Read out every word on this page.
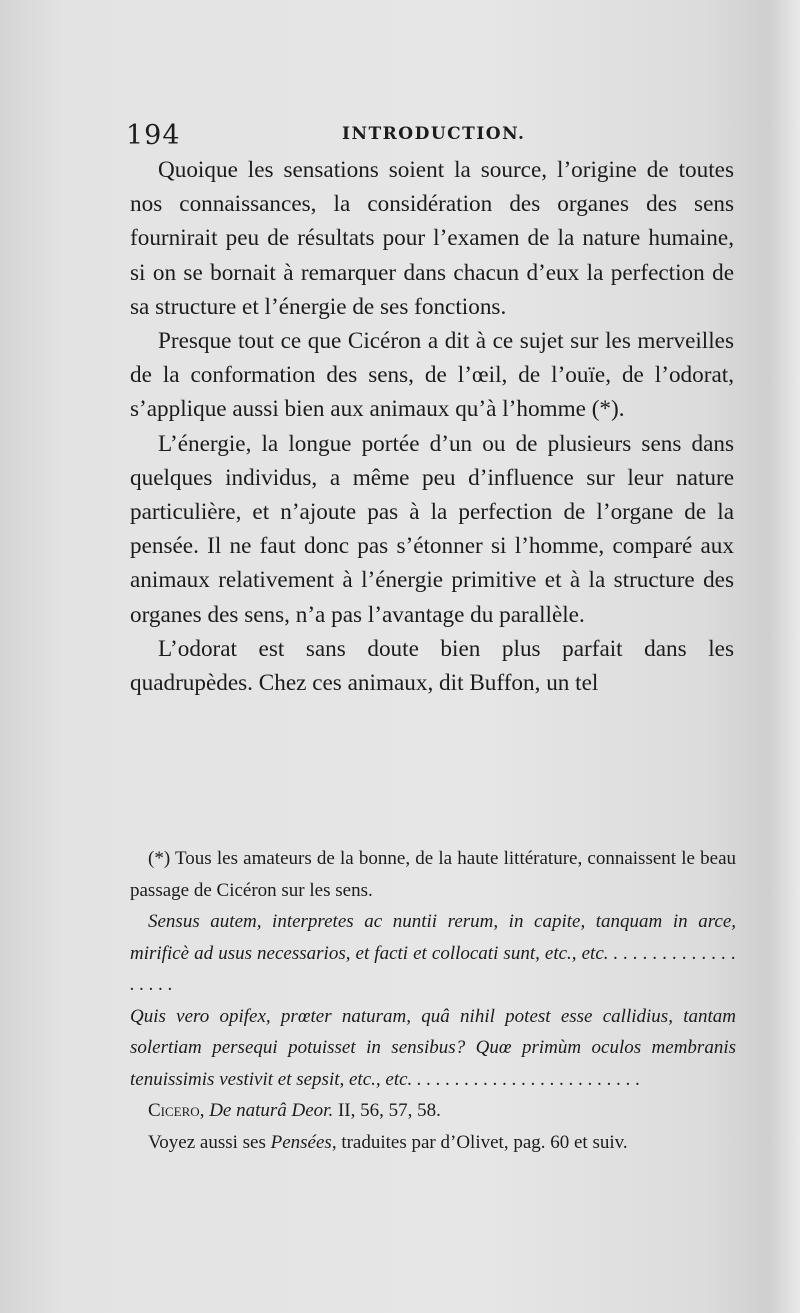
194	INTRODUCTION.

Quoique les sensations soient la source, l’origine de toutes nos connaissances, la considération des organes des sens fournirait peu de résultats pour l’examen de la nature humaine, si on se bornait à remarquer dans chacun d’eux la perfection de sa structure et l’énergie de ses fonctions.

Presque tout ce que Cicéron a dit à ce sujet sur les merveilles de la conformation des sens, de l’œil, de l’ouïe, de l’odorat, s’applique aussi bien aux animaux qu’à l’homme (*).

L’énergie, la longue portée d’un ou de plusieurs sens dans quelques individus, a même peu d’influence sur leur nature particulière, et n’ajoute pas à la perfection de l’organe de la pensée. Il ne faut donc pas s’étonner si l’homme, comparé aux animaux relativement à l’énergie primitive et à la structure des organes des sens, n’a pas l’avantage du parallèle.

L’odorat est sans doute bien plus parfait dans les quadrupèdes. Chez ces animaux, dit Buffon, un tel

(*) Tous les amateurs de la bonne, de la haute littérature, connaissent le beau passage de Cicéron sur les sens.

Sensus autem, interpretes ac nuntii rerum, in capite, tanquam in arce, mirificè ad usus necessarios, et facti et collocati sunt, etc., etc. . . . . . . . . . . . . . . . . . .

Quis vero opifex, prœter naturam, quâ nihil potest esse callidius, tantam solertiam persequi potuisset in sensibus? Quœ primùm oculos membranis tenuissimis vestivit et sepsit, etc., etc. . . . . . . . . . . . . . . . . . . . . . . . .

Cicero, De naturâ Deor. II, 56, 57, 58.

Voyez aussi ses Pensées, traduites par d’Olivet, pag. 60 et suiv.
